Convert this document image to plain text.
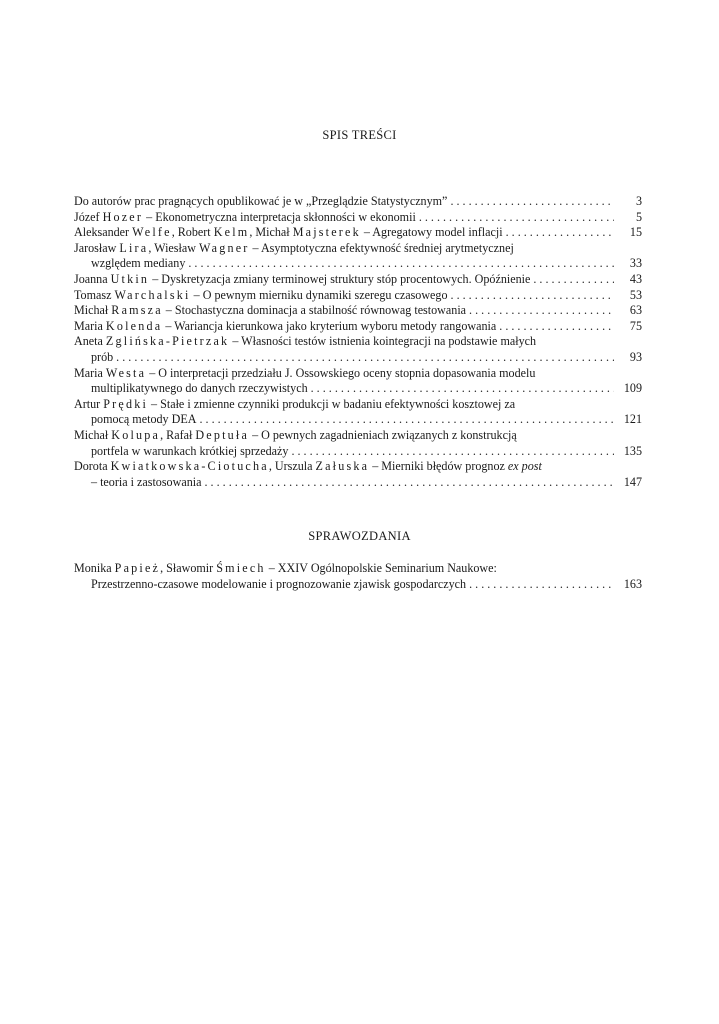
SPIS TREŚCI
Do autorów prac pragnących opublikować je w „Przeglądzie Statystycznym” . . .	3
Józef Hozer – Ekonometryczna interpretacja skłonności w ekonomii . . .	5
Aleksander Welfe, Robert Kelm, Michał Majsterek – Agregatowy model inflacji . . .	15
Jarosław Lira, Wiesław Wagner – Asymptotyczna efektywność średniej arytmetycznej
względem mediany . . .	33
Joanna Utkin – Dyskretyzacja zmiany terminowej struktury stóp procentowych. Opóźnienie . . .	43
Tomasz Warchalski – O pewnym mierniku dynamiki szeregu czasowego . . .	53
Michał Ramsza – Stochastyczna dominacja a stabilność równowag testowania . . .	63
Maria Kolenda – Wariancja kierunkowa jako kryterium wyboru metody rangowania . . .	75
Aneta Zglińska-Pietrzak – Własności testów istnienia kointegracji na podstawie małych
prób . . .	93
Maria Westa – O interpretacji przedziału J. Ossowskiego oceny stopnia dopasowania modelu
multiplikatywnego do danych rzeczywistych . . .	109
Artur Prędki – Stałe i zmienne czynniki produkcji w badaniu efektywności kosztowej za
pomocą metody DEA . . .	121
Michał Kolupa, Rafał Deptuła – O pewnych zagadnieniach związanych z konstrukcją
portfela w warunkach krótkiej sprzedaży . . .	135
Dorota Kwiatkowska-Ciotucha, Urszula Załuska – Mierniki błędów prognoz ex post
– teoria i zastosowania . . .	147
SPRAWOZDANIA
Monika Papież, Sławomir Śmiech – XXIV Ogólnopolskie Seminarium Naukowe:
Przestrzenno-czasowe modelowanie i prognozowanie zjawisk gospodarczych . . .	163
